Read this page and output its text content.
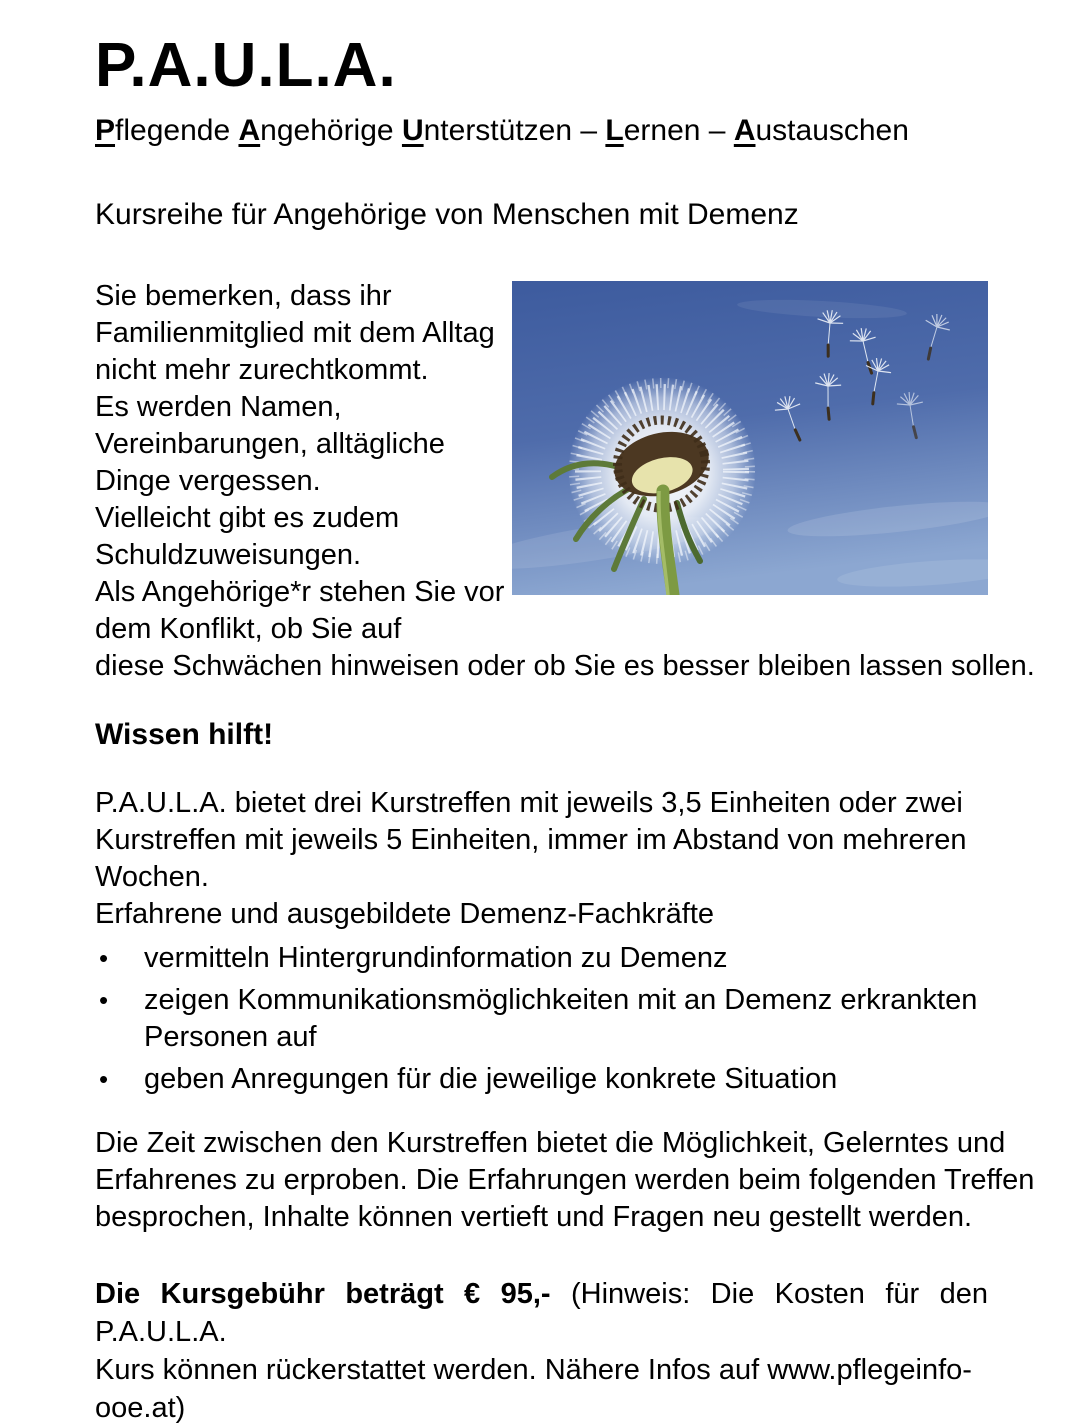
P.A.U.L.A.
Pflegende Angehörige Unterstützen – Lernen – Austauschen
Kursreihe für Angehörige von Menschen mit Demenz
Sie bemerken, dass ihr
Familienmitglied mit dem Alltag
nicht mehr zurechtkommt.
Es werden Namen,
Vereinbarungen, alltägliche
Dinge vergessen.
Vielleicht gibt es zudem
Schuldzuweisungen.
Als Angehörige*r stehen Sie vor
dem Konflikt, ob Sie auf
diese Schwächen hinweisen oder ob Sie es besser bleiben lassen sollen.
Wissen hilft!
P.A.U.L.A. bietet drei Kurstreffen mit jeweils 3,5 Einheiten oder zwei
Kurstreffen mit jeweils 5 Einheiten, immer im Abstand von mehreren
Wochen.
Erfahrene und ausgebildete Demenz-Fachkräfte
•	vermitteln Hintergrundinformation zu Demenz
•	zeigen Kommunikationsmöglichkeiten mit an Demenz erkrankten
Personen auf
•	geben Anregungen für die jeweilige konkrete Situation
Die Zeit zwischen den Kurstreffen bietet die Möglichkeit, Gelerntes und
Erfahrenes zu erproben. Die Erfahrungen werden beim folgenden Treffen
besprochen, Inhalte können vertieft und Fragen neu gestellt werden.
Die Kursgebühr beträgt € 95,- (Hinweis: Die Kosten für den P.A.U.L.A.
Kurs können rückerstattet werden. Nähere Infos auf www.pflegeinfo-ooe.at)
